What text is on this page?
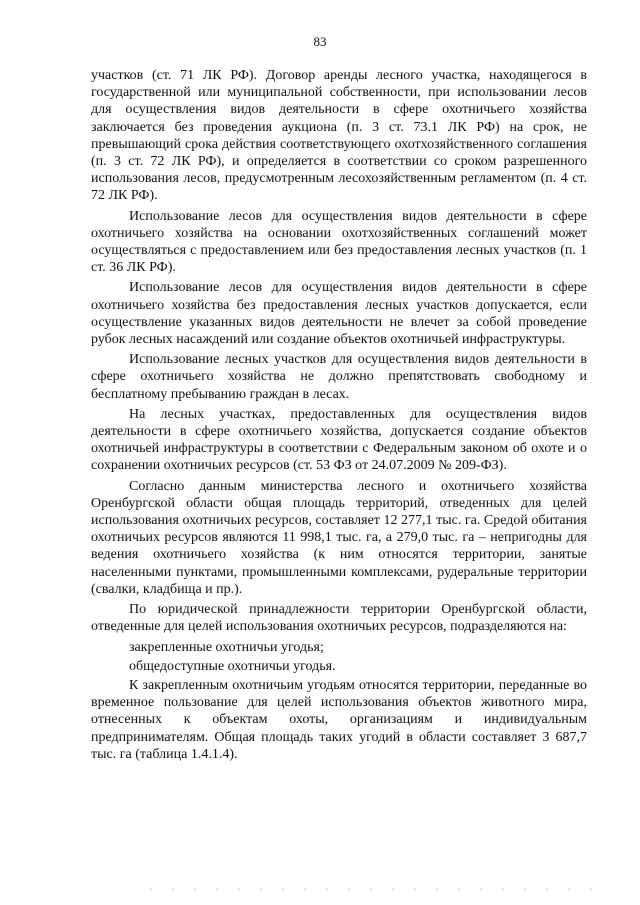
83

участков (ст. 71 ЛК РФ). Договор аренды лесного участка, находящегося в государственной или муниципальной собственности, при использовании лесов для осуществления видов деятельности в сфере охотничьего хозяйства заключается без проведения аукциона (п. 3 ст. 73.1 ЛК РФ) на срок, не превышающий срока действия соответствующего охотхозяйственного соглашения (п. 3 ст. 72 ЛК РФ), и определяется в соответствии со сроком разрешенного использования лесов, предусмотренным лесохозяйственным регламентом (п. 4 ст. 72 ЛК РФ).

Использование лесов для осуществления видов деятельности в сфере охотничьего хозяйства на основании охотхозяйственных соглашений может осуществляться с предоставлением или без предоставления лесных участков (п. 1 ст. 36 ЛК РФ).

Использование лесов для осуществления видов деятельности в сфере охотничьего хозяйства без предоставления лесных участков допускается, если осуществление указанных видов деятельности не влечет за собой проведение рубок лесных насаждений или создание объектов охотничьей инфраструктуры.

Использование лесных участков для осуществления видов деятельности в сфере охотничьего хозяйства не должно препятствовать свободному и бесплатному пребыванию граждан в лесах.

На лесных участках, предоставленных для осуществления видов деятельности в сфере охотничьего хозяйства, допускается создание объектов охотничьей инфраструктуры в соответствии с Федеральным законом об охоте и о сохранении охотничьих ресурсов (ст. 53 ФЗ от 24.07.2009 № 209-ФЗ).

Согласно данным министерства лесного и охотничьего хозяйства Оренбургской области общая площадь территорий, отведенных для целей использования охотничьих ресурсов, составляет 12 277,1 тыс. га. Средой обитания охотничьих ресурсов являются 11 998,1 тыс. га, а 279,0 тыс. га – непригодны для ведения охотничьего хозяйства (к ним относятся территории, занятые населенными пунктами, промышленными комплексами, рудеральные территории (свалки, кладбища и пр.).

По юридической принадлежности территории Оренбургской области, отведенные для целей использования охотничьих ресурсов, подразделяются на:

закрепленные охотничьи угодья;

общедоступные охотничьи угодья.

К закрепленным охотничьим угодьям относятся территории, переданные во временное пользование для целей использования объектов животного мира, отнесенных к объектам охоты, организациям и индивидуальным предпринимателям. Общая площадь таких угодий в области составляет 3 687,7 тыс. га (таблица 1.4.1.4).
